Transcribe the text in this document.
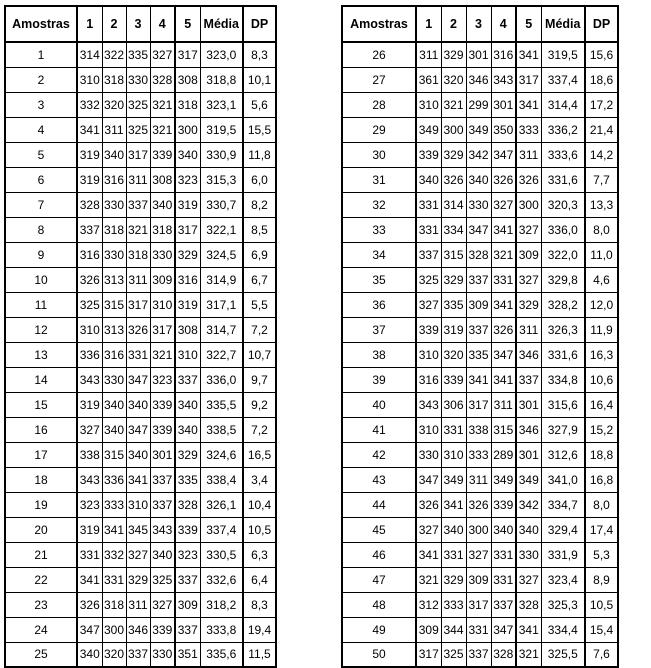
Amostras	1	2	3	4	5	Média	DP
1	314	322	335	327	317	323,0	8,3
2	310	318	330	328	308	318,8	10,1
3	332	320	325	321	318	323,1	5,6
4	341	311	325	321	300	319,5	15,5
5	319	340	317	339	340	330,9	11,8
6	319	316	311	308	323	315,3	6,0
7	328	330	337	340	319	330,7	8,2
8	337	318	321	318	317	322,1	8,5
9	316	330	318	330	329	324,5	6,9
10	326	313	311	309	316	314,9	6,7
11	325	315	317	310	319	317,1	5,5
12	310	313	326	317	308	314,7	7,2
13	336	316	331	321	310	322,7	10,7
14	343	330	347	323	337	336,0	9,7
15	319	340	340	339	340	335,5	9,2
16	327	340	347	339	340	338,5	7,2
17	338	315	340	301	329	324,6	16,5
18	343	336	341	337	335	338,4	3,4
19	323	333	310	337	328	326,1	10,4
20	319	341	345	343	339	337,4	10,5
21	331	332	327	340	323	330,5	6,3
22	341	331	329	325	337	332,6	6,4
23	326	318	311	327	309	318,2	8,3
24	347	300	346	339	337	333,8	19,4
25	340	320	337	330	351	335,6	11,5
Amostras	1	2	3	4	5	Média	DP
26	311	329	301	316	341	319,5	15,6
27	361	320	346	343	317	337,4	18,6
28	310	321	299	301	341	314,4	17,2
29	349	300	349	350	333	336,2	21,4
30	339	329	342	347	311	333,6	14,2
31	340	326	340	326	326	331,6	7,7
32	331	314	330	327	300	320,3	13,3
33	331	334	347	341	327	336,0	8,0
34	337	315	328	321	309	322,0	11,0
35	325	329	337	331	327	329,8	4,6
36	327	335	309	341	329	328,2	12,0
37	339	319	337	326	311	326,3	11,9
38	310	320	335	347	346	331,6	16,3
39	316	339	341	341	337	334,8	10,6
40	343	306	317	311	301	315,6	16,4
41	310	331	338	315	346	327,9	15,2
42	330	310	333	289	301	312,6	18,8
43	347	349	311	349	349	341,0	16,8
44	326	341	326	339	342	334,7	8,0
45	327	340	300	340	340	329,4	17,4
46	341	331	327	331	330	331,9	5,3
47	321	329	309	331	327	323,4	8,9
48	312	333	317	337	328	325,3	10,5
49	309	344	331	347	341	334,4	15,4
50	317	325	337	328	321	325,5	7,6
